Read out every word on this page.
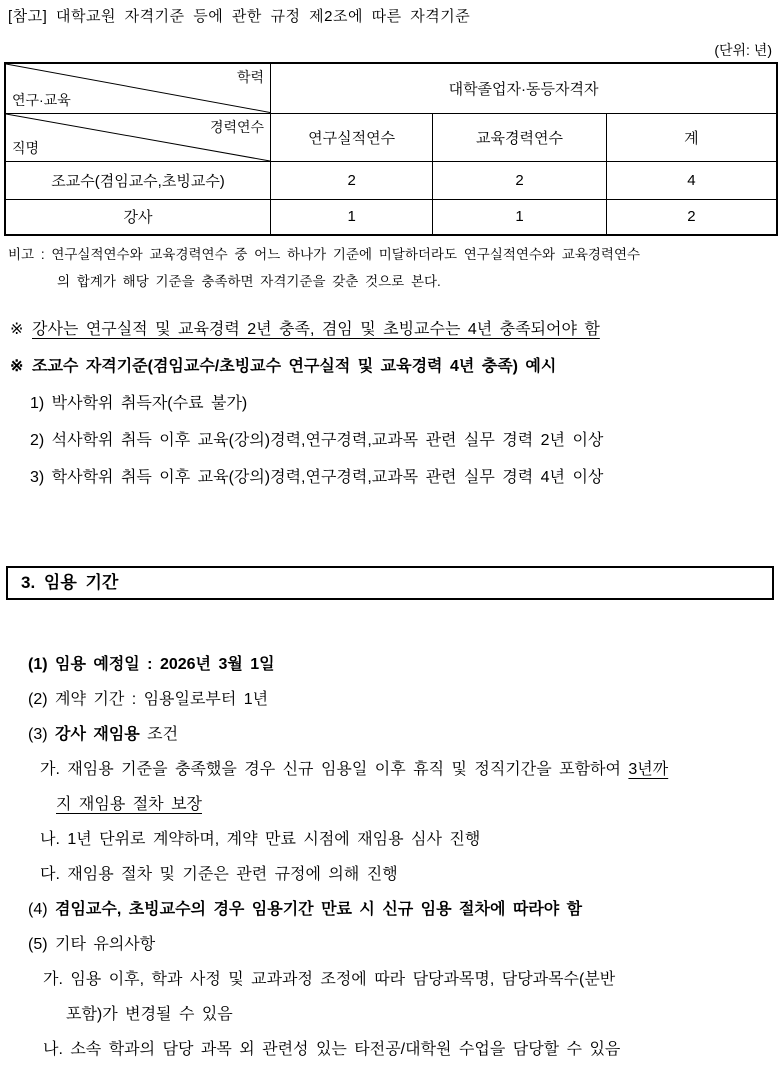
[참고] 대학교원 자격기준 등에 관한 규정 제2조에 따른 자격기준
(단위: 년)
학력
연구·교육	대학졸업자·동등자격자		

경력연수
직명	연구실적연수	교육경력연수	계
조교수(겸임교수,초빙교수)	2	2	4
강사	1	1	2
비고 : 연구실적연수와 교육경력연수 중 어느 하나가 기준에 미달하더라도 연구실적연수와 교육경력연수
의 합계가 해당 기준을 충족하면 자격기준을 갖춘 것으로 본다.
※ 강사는 연구실적 및 교육경력 2년 충족, 겸임 및 초빙교수는 4년 충족되어야 함
※ 조교수 자격기준(겸임교수/초빙교수 연구실적 및 교육경력 4년 충족) 예시
1) 박사학위 취득자(수료 불가)
2) 석사학위 취득 이후 교육(강의)경력,연구경력,교과목 관련 실무 경력 2년 이상
3) 학사학위 취득 이후 교육(강의)경력,연구경력,교과목 관련 실무 경력 4년 이상
3. 임용 기간
(1) 임용 예정일 : 2026년 3월 1일
(2) 계약 기간 : 임용일로부터 1년
(3) 강사 재임용 조건
가. 재임용 기준을 충족했을 경우 신규 임용일 이후 휴직 및 정직기간을 포함하여 3년까
지 재임용 절차 보장
나. 1년 단위로 계약하며, 계약 만료 시점에 재임용 심사 진행
다. 재임용 절차 및 기준은 관련 규정에 의해 진행
(4) 겸임교수, 초빙교수의 경우 임용기간 만료 시 신규 임용 절차에 따라야 함
(5) 기타 유의사항
가. 임용 이후, 학과 사정 및 교과과정 조정에 따라 담당과목명, 담당과목수(분반
포함)가 변경될 수 있음
나. 소속 학과의 담당 과목 외 관련성 있는 타전공/대학원 수업을 담당할 수 있음
